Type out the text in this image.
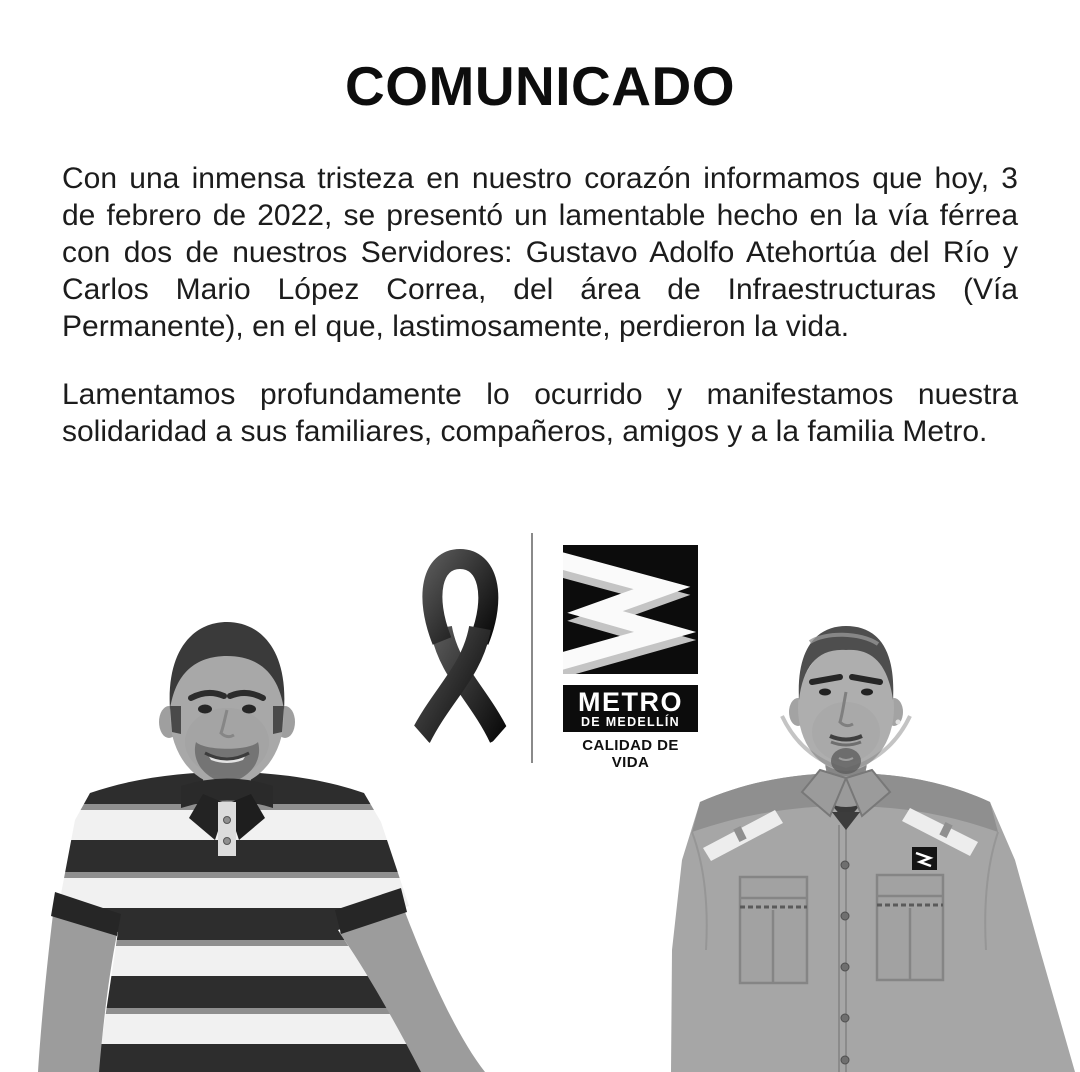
COMUNICADO

Con una inmensa tristeza en nuestro corazón informamos que hoy, 3 de febrero de 2022, se presentó un lamentable hecho en la vía férrea con dos de nuestros Servidores: Gustavo Adolfo Atehortúa del Río y Carlos Mario López Correa, del área de Infraestructuras (Vía Permanente), en el que, lastimosamente, perdieron la vida.

Lamentamos profundamente lo ocurrido y manifestamos nuestra solidaridad a sus familiares, compañeros, amigos y a la familia Metro.

METRO
DE MEDELLÍN
CALIDAD DE VIDA
